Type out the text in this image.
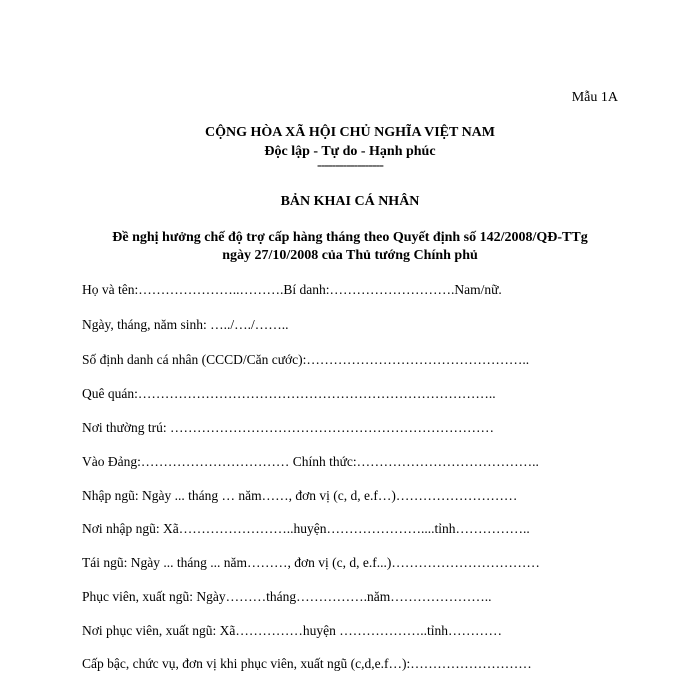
Mẫu 1A
CỘNG HÒA XÃ HỘI CHỦ NGHĨA VIỆT NAM
Độc lập - Tự do - Hạnh phúc
------------------
BẢN KHAI CÁ NHÂN
Đề nghị hưởng chế độ trợ cấp hàng tháng theo Quyết định số 142/2008/QĐ-TTg
ngày 27/10/2008 của Thủ tướng Chính phủ
Họ và tên:…………………..……….Bí danh:……………………….Nam/nữ.
Ngày, tháng, năm sinh: …../…./……..
Số định danh cá nhân (CCCD/Căn cước):…………………………………………..
Quê quán:……………………………………………………………………..
Nơi thường trú: ………………………………………………………………
Vào Đảng:…………………………… Chính thức:…………………………………..
Nhập ngũ: Ngày ... tháng … năm……, đơn vị (c, d, e.f…)………………………
Nơi nhập ngũ: Xã……………………..huyện…………………....tỉnh……………..
Tái ngũ: Ngày ... tháng ... năm………, đơn vị (c, d, e.f...)……………………………
Phục viên, xuất ngũ: Ngày………tháng…………….năm…………………..
Nơi phục viên, xuất ngũ: Xã……………huyện ………………..tỉnh…………
Cấp bậc, chức vụ, đơn vị khi phục viên, xuất ngũ (c,d,e.f…):………………………
